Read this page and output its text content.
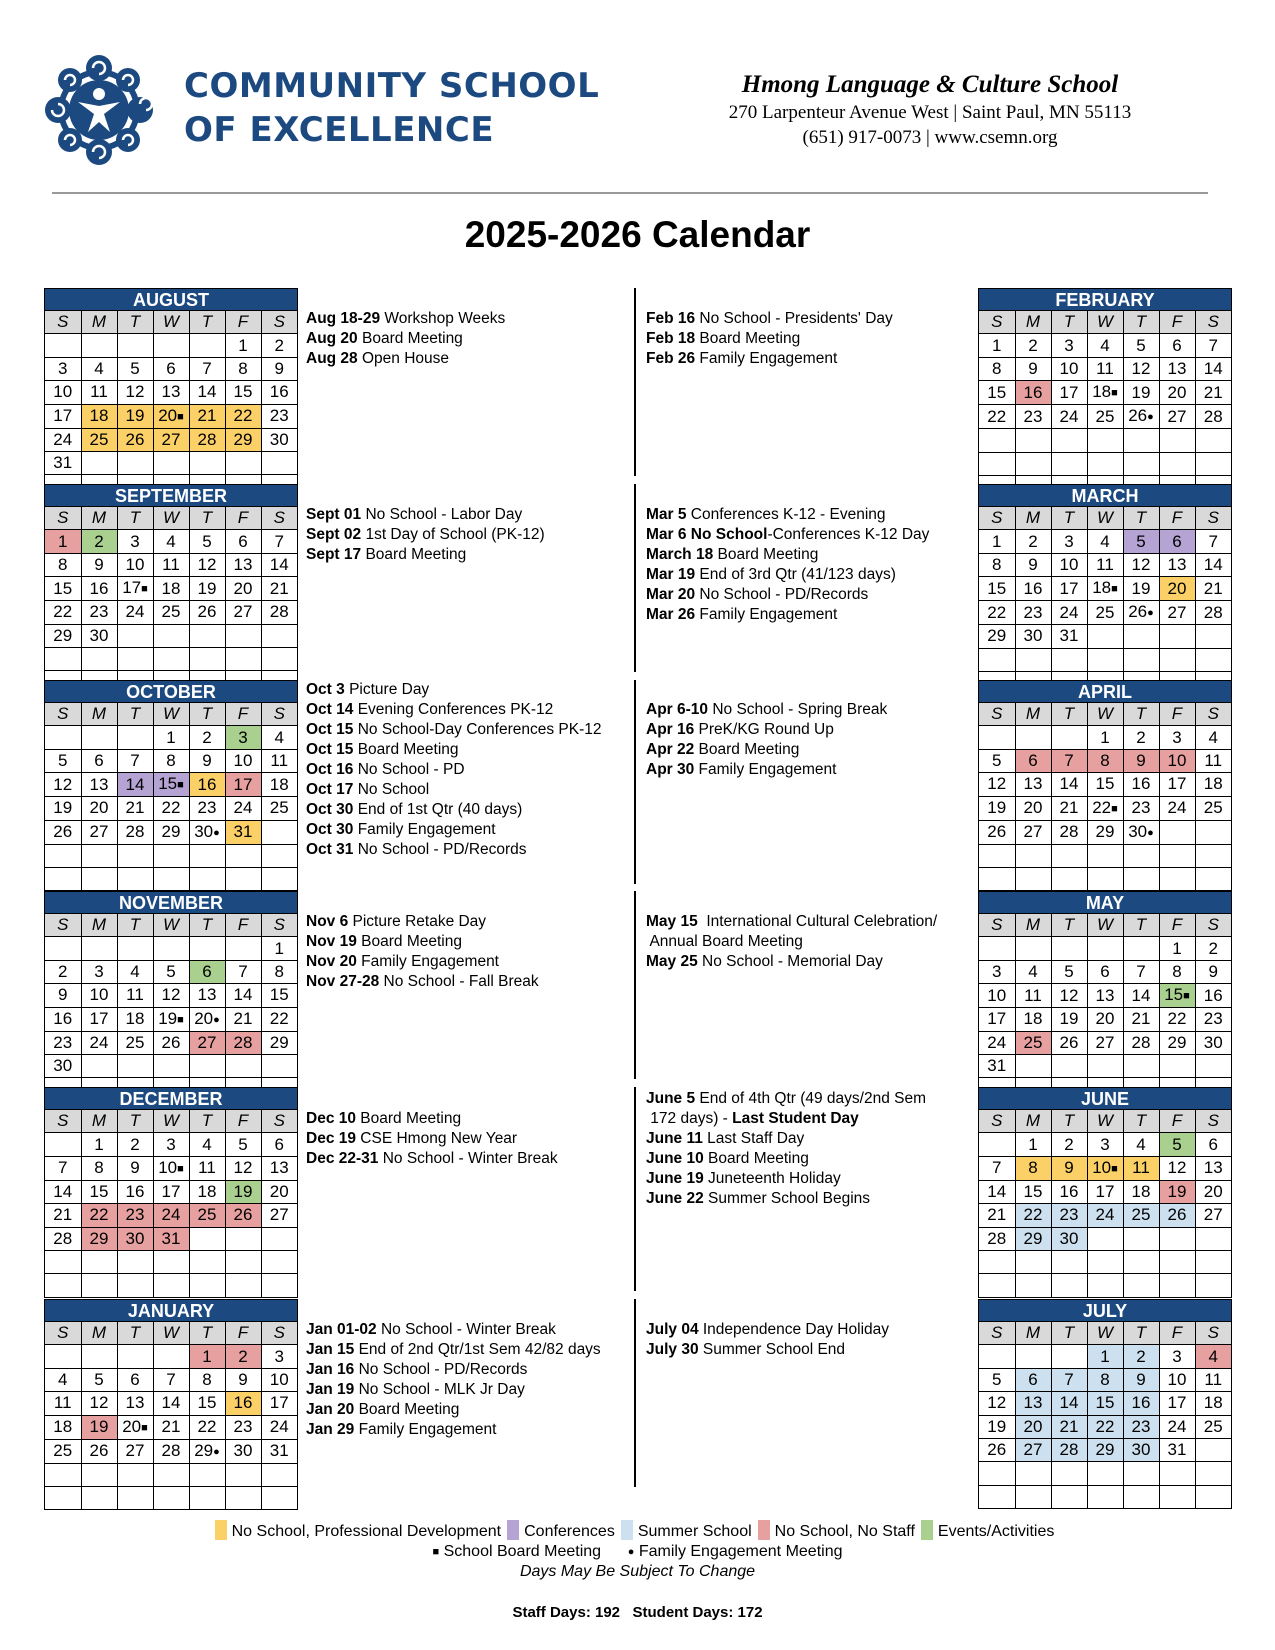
COMMUNITY SCHOOL
OF EXCELLENCE
Hmong Language & Culture School
270 Larpenteur Avenue West | Saint Paul, MN 55113
(651) 917-0073 | www.csemn.org
2025-2026 Calendar
AUGUST
S	M	T	W	T	F	S
					1	2
3	4	5	6	7	8	9
10	11	12	13	14	15	16
17	18	19	20■	21	22	23
24	25	26	27	28	29	30
31						

SEPTEMBER
S	M	T	W	T	F	S
1	2	3	4	5	6	7
8	9	10	11	12	13	14
15	16	17■	18	19	20	21
22	23	24	25	26	27	28
29	30					

OCTOBER
S	M	T	W	T	F	S
			1	2	3	4
5	6	7	8	9	10	11
12	13	14	15■	16	17	18
19	20	21	22	23	24	25
26	27	28	29	30●	31	

NOVEMBER
S	M	T	W	T	F	S
						1
2	3	4	5	6	7	8
9	10	11	12	13	14	15
16	17	18	19■	20●	21	22
23	24	25	26	27	28	29
30						

DECEMBER
S	M	T	W	T	F	S
	1	2	3	4	5	6
7	8	9	10■	11	12	13
14	15	16	17	18	19	20
21	22	23	24	25	26	27
28	29	30	31			

JANUARY
S	M	T	W	T	F	S
				1	2	3
4	5	6	7	8	9	10
11	12	13	14	15	16	17
18	19	20■	21	22	23	24
25	26	27	28	29●	30	31

FEBRUARY
S	M	T	W	T	F	S
1	2	3	4	5	6	7
8	9	10	11	12	13	14
15	16	17	18■	19	20	21
22	23	24	25	26●	27	28

MARCH
S	M	T	W	T	F	S
1	2	3	4	5	6	7
8	9	10	11	12	13	14
15	16	17	18■	19	20	21
22	23	24	25	26●	27	28
29	30	31				

APRIL
S	M	T	W	T	F	S
			1	2	3	4
5	6	7	8	9	10	11
12	13	14	15	16	17	18
19	20	21	22■	23	24	25
26	27	28	29	30●		

MAY
S	M	T	W	T	F	S
					1	2
3	4	5	6	7	8	9
10	11	12	13	14	15■	16
17	18	19	20	21	22	23
24	25	26	27	28	29	30
31						

JUNE
S	M	T	W	T	F	S
	1	2	3	4	5	6
7	8	9	10■	11	12	13
14	15	16	17	18	19	20
21	22	23	24	25	26	27
28	29	30				

JULY
S	M	T	W	T	F	S
			1	2	3	4
5	6	7	8	9	10	11
12	13	14	15	16	17	18
19	20	21	22	23	24	25
26	27	28	29	30	31	

Aug 18-29 Workshop Weeks
Aug 20 Board Meeting
Aug 28 Open House
Sept 01 No School - Labor Day
Sept 02 1st Day of School (PK-12)
Sept 17 Board Meeting
Oct 3 Picture Day
Oct 14 Evening Conferences PK-12
Oct 15 No School-Day Conferences PK-12
Oct 15 Board Meeting
Oct 16 No School - PD
Oct 17 No School
Oct 30 End of 1st Qtr (40 days)
Oct 30 Family Engagement
Oct 31 No School - PD/Records
Nov 6 Picture Retake Day
Nov 19 Board Meeting
Nov 20 Family Engagement
Nov 27-28 No School - Fall Break
Dec 10 Board Meeting
Dec 19 CSE Hmong New Year
Dec 22-31 No School - Winter Break
Jan 01-02 No School - Winter Break
Jan 15 End of 2nd Qtr/1st Sem 42/82 days
Jan 16 No School - PD/Records
Jan 19 No School - MLK Jr Day
Jan 20 Board Meeting
Jan 29 Family Engagement
Feb 16 No School - Presidents' Day
Feb 18 Board Meeting
Feb 26 Family Engagement
Mar 5 Conferences K-12 - Evening
Mar 6 No School-Conferences K-12 Day
March 18 Board Meeting
Mar 19 End of 3rd Qtr (41/123 days)
Mar 20 No School - PD/Records
Mar 26 Family Engagement
Apr 6-10 No School - Spring Break
Apr 16 PreK/KG Round Up
Apr 22 Board Meeting
Apr 30 Family Engagement
May 15  International Cultural Celebration/
Annual Board Meeting
May 25 No School - Memorial Day
June 5 End of 4th Qtr (49 days/2nd Sem
172 days) - Last Student Day
June 11 Last Staff Day
June 10 Board Meeting
June 19 Juneteenth Holiday
June 22 Summer School Begins
July 04 Independence Day Holiday
July 30 Summer School End
No School, Professional Development Conferences Summer School No School, No Staff Events/Activities
■ School Board Meeting ● Family Engagement Meeting
Days May Be Subject To Change
Staff Days: 192   Student Days: 172
